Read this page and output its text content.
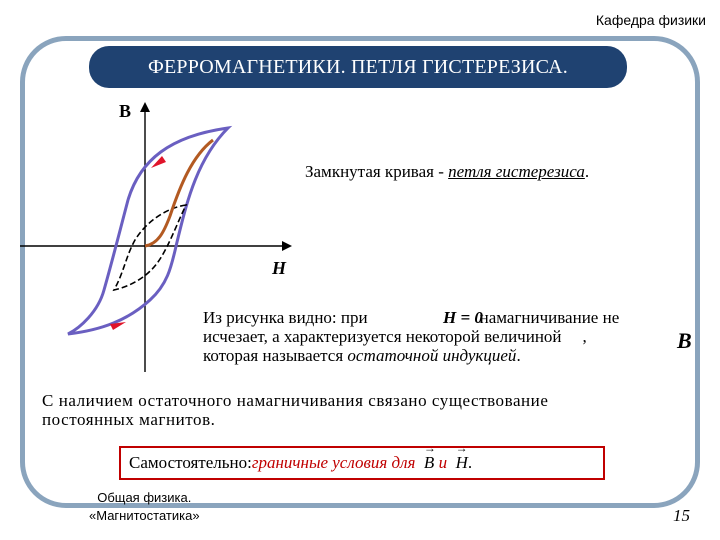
Кафедра физики
ФЕРРОМАГНЕТИКИ. ПЕТЛЯ ГИСТЕРЕЗИСА.
B
H
Замкнутая кривая - петля гистерезиса.
Из рисунка видно: при	намагничивание не
исчезает, а характеризуется некоторой величиной ,
которая называется остаточной индукцией.
H = 0
B
С наличием остаточного намагничивания связано существование
постоянных магнитов.
Самостоятельно: граничные условия для
→ B
и
→ H .
Общая физика.
«Магнитостатика»	15
